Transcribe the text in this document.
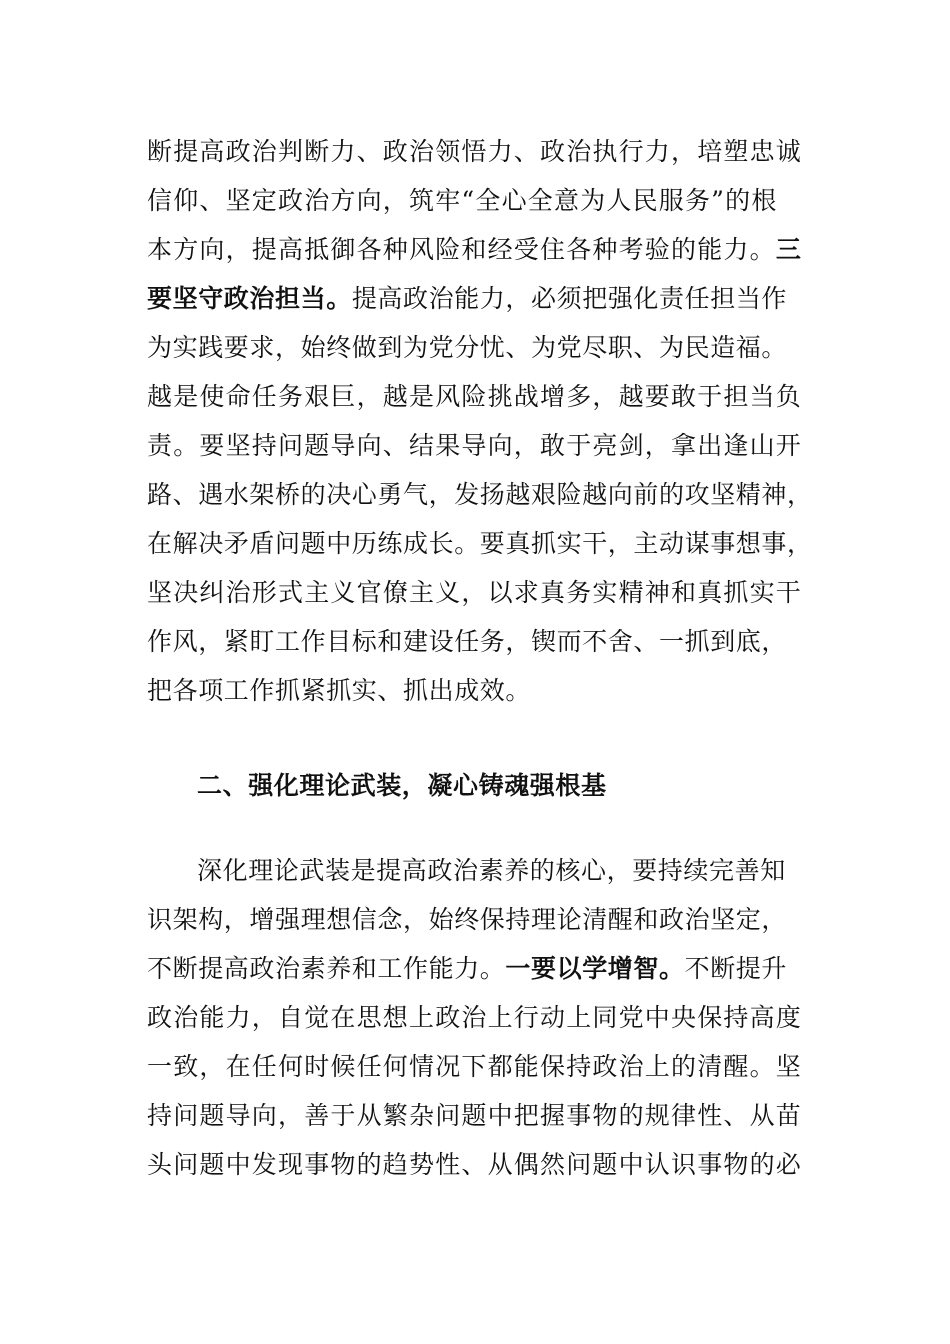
断提高政治判断力、政治领悟力、政治执行力，培塑忠诚
信仰、坚定政治方向，筑牢“全心全意为人民服务”的根
本方向，提高抵御各种风险和经受住各种考验的能力。三
要坚守政治担当。提高政治能力，必须把强化责任担当作
为实践要求，始终做到为党分忧、为党尽职、为民造福。
越是使命任务艰巨，越是风险挑战增多，越要敢于担当负
责。要坚持问题导向、结果导向，敢于亮剑，拿出逢山开
路、遇水架桥的决心勇气，发扬越艰险越向前的攻坚精神，
在解决矛盾问题中历练成长。要真抓实干，主动谋事想事，
坚决纠治形式主义官僚主义，以求真务实精神和真抓实干
作风，紧盯工作目标和建设任务，锲而不舍、一抓到底，
把各项工作抓紧抓实、抓出成效。
二、强化理论武装，凝心铸魂强根基
深化理论武装是提高政治素养的核心，要持续完善知
识架构，增强理想信念，始终保持理论清醒和政治坚定，
不断提高政治素养和工作能力。一要以学增智。不断提升
政治能力，自觉在思想上政治上行动上同党中央保持高度
一致，在任何时候任何情况下都能保持政治上的清醒。坚
持问题导向，善于从繁杂问题中把握事物的规律性、从苗
头问题中发现事物的趋势性、从偶然问题中认识事物的必
